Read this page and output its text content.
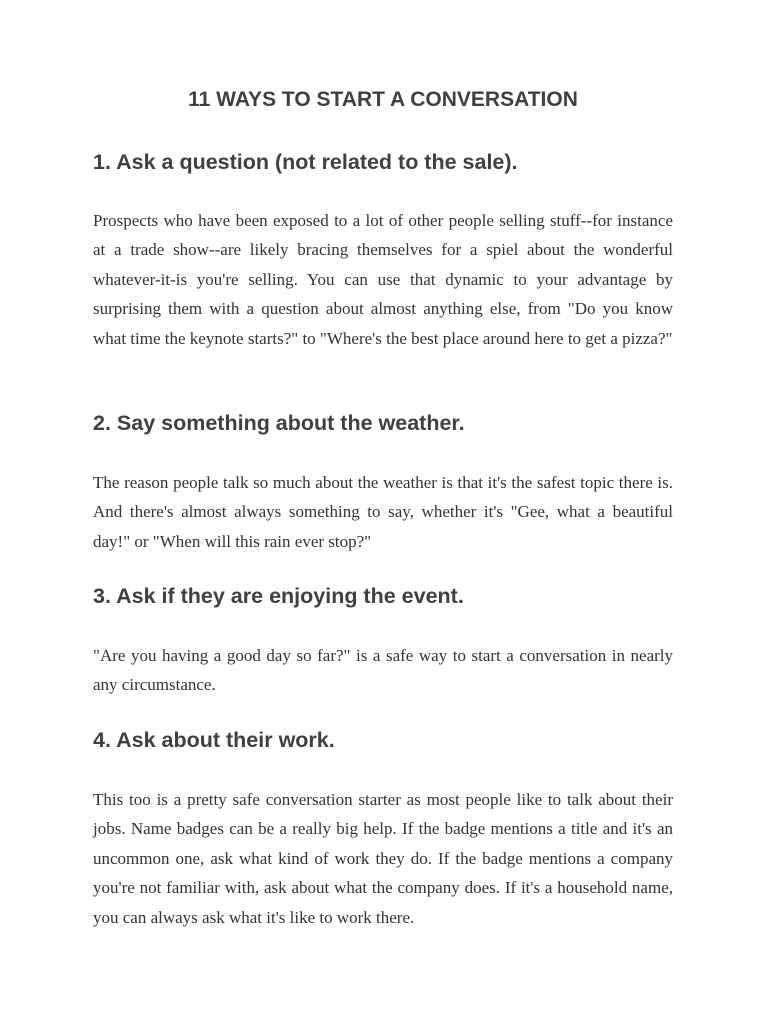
11 WAYS TO START A CONVERSATION
1. Ask a question (not related to the sale).

Prospects who have been exposed to a lot of other people selling stuff--for instance at a trade show--are likely bracing themselves for a spiel about the wonderful whatever-it-is you're selling. You can use that dynamic to your advantage by surprising them with a question about almost anything else, from "Do you know what time the keynote starts?" to "Where's the best place around here to get a pizza?"

2. Say something about the weather.

The reason people talk so much about the weather is that it's the safest topic there is. And there's almost always something to say, whether it's "Gee, what a beautiful day!" or "When will this rain ever stop?"

3. Ask if they are enjoying the event.

"Are you having a good day so far?" is a safe way to start a conversation in nearly any circumstance.

4. Ask about their work.

This too is a pretty safe conversation starter as most people like to talk about their jobs. Name badges can be a really big help. If the badge mentions a title and it's an uncommon one, ask what kind of work they do. If the badge mentions a company you're not familiar with, ask about what the company does. If it's a household name, you can always ask what it's like to work there.
